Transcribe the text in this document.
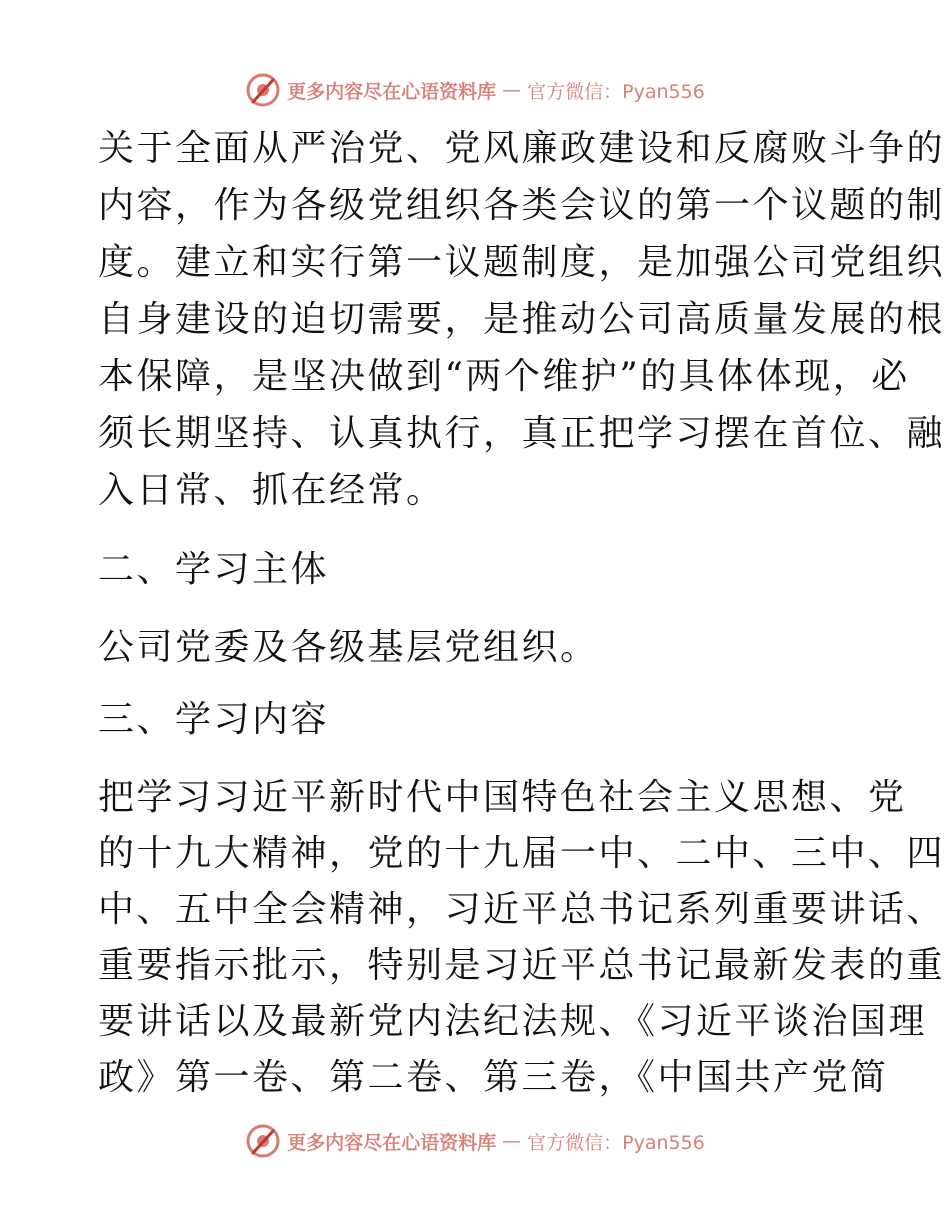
更多内容尽在心语资料库 — 官方微信：Pyan556
关于全面从严治党、党风廉政建设和反腐败斗争的
内容，作为各级党组织各类会议的第一个议题的制
度。建立和实行第一议题制度，是加强公司党组织
自身建设的迫切需要，是推动公司高质量发展的根
本保障，是坚决做到“两个维护”的具体体现，必
须长期坚持、认真执行，真正把学习摆在首位、融
入日常、抓在经常。
二、学习主体
公司党委及各级基层党组织。
三、学习内容
把学习习近平新时代中国特色社会主义思想、党
的十九大精神，党的十九届一中、二中、三中、四
中、五中全会精神，习近平总书记系列重要讲话、
重要指示批示，特别是习近平总书记最新发表的重
要讲话以及最新党内法纪法规、《习近平谈治国理
政》第一卷、第二卷、第三卷，《中国共产党简
更多内容尽在心语资料库 — 官方微信：Pyan556
